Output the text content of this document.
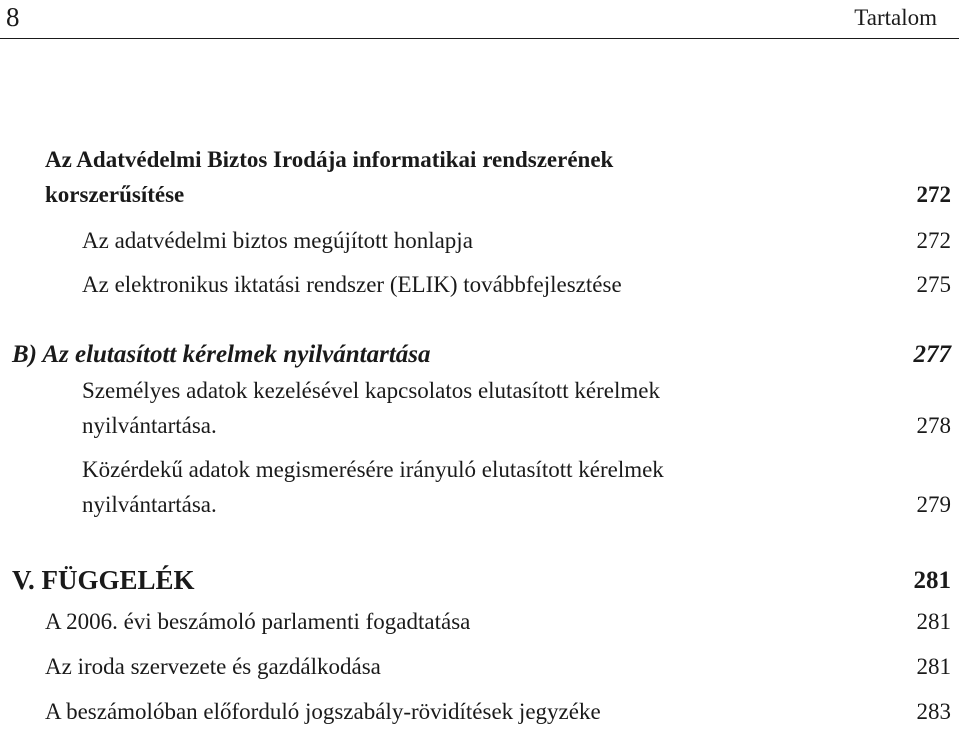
8	Tartalom
Az Adatvédelmi Biztos Irodája informatikai rendszerének
korszerűsítése	272
Az adatvédelmi biztos megújított honlapja	272
Az elektronikus iktatási rendszer (ELIK) továbbfejlesztése	275
B) Az elutasított kérelmek nyilvántartása	277
Személyes adatok kezelésével kapcsolatos elutasított kérelmek
nyilvántartása.	278
Közérdekű adatok megismerésére irányuló elutasított kérelmek
nyilvántartása.	279
V. FÜGGELÉK	281
A 2006. évi beszámoló parlamenti fogadtatása	281
Az iroda szervezete és gazdálkodása	281
A beszámolóban előforduló jogszabály-rövidítések jegyzéke	283
